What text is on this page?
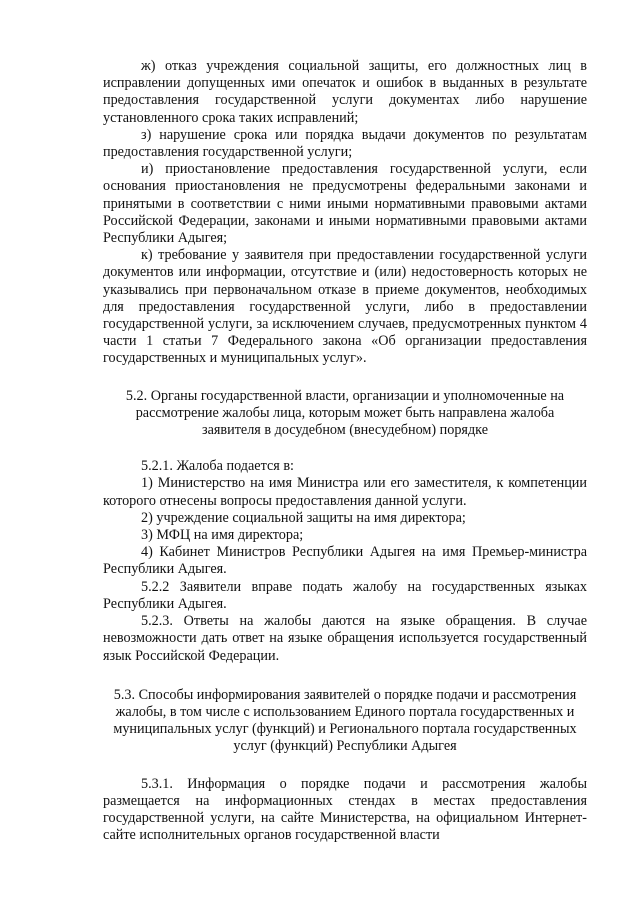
ж) отказ учреждения социальной защиты, его должностных лиц в исправлении допущенных ими опечаток и ошибок в выданных в результате предоставления государственной услуги документах либо нарушение установленного срока таких исправлений;

з) нарушение срока или порядка выдачи документов по результатам предоставления государственной услуги;

и) приостановление предоставления государственной услуги, если основания приостановления не предусмотрены федеральными законами и принятыми в соответствии с ними иными нормативными правовыми актами Российской Федерации, законами и иными нормативными правовыми актами Республики Адыгея;

к) требование у заявителя при предоставлении государственной услуги документов или информации, отсутствие и (или) недостоверность которых не указывались при первоначальном отказе в приеме документов, необходимых для предоставления государственной услуги, либо в предоставлении государственной услуги, за исключением случаев, предусмотренных пунктом 4 части 1 статьи 7 Федерального закона «Об организации предоставления государственных и муниципальных услуг».

5.2. Органы государственной власти, организации и уполномоченные на рассмотрение жалобы лица, которым может быть направлена жалоба заявителя в досудебном (внесудебном) порядке

5.2.1. Жалоба подается в:

1) Министерство на имя Министра или его заместителя, к компетенции которого отнесены вопросы предоставления данной услуги.

2) учреждение социальной защиты на имя директора;

3) МФЦ на имя директора;

4) Кабинет Министров Республики Адыгея на имя Премьер-министра Республики Адыгея.

5.2.2 Заявители вправе подать жалобу на государственных языках Республики Адыгея.

5.2.3. Ответы на жалобы даются на языке обращения. В случае невозможности дать ответ на языке обращения используется государственный язык Российской Федерации.

5.3. Способы информирования заявителей о порядке подачи и рассмотрения жалобы, в том числе с использованием Единого портала государственных и муниципальных услуг (функций) и Регионального портала государственных услуг (функций) Республики Адыгея

5.3.1. Информация о порядке подачи и рассмотрения жалобы размещается на информационных стендах в местах предоставления государственной услуги, на сайте Министерства, на официальном Интернет-сайте исполнительных органов государственной власти
